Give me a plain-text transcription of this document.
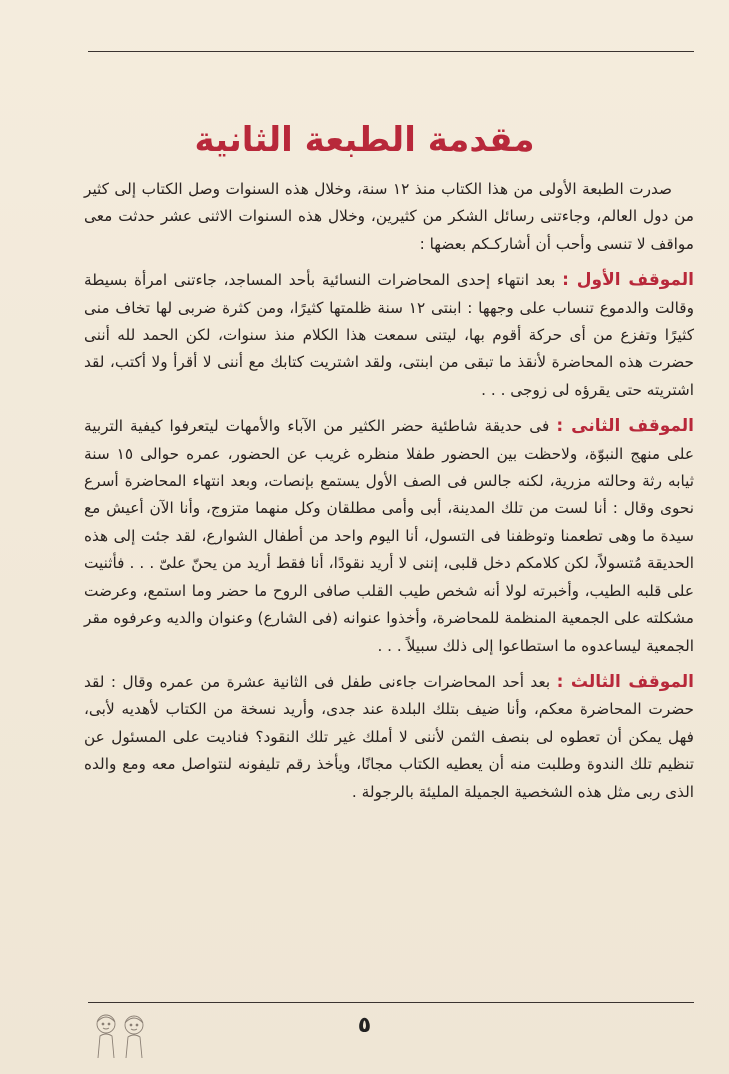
مقدمة الطبعة الثانية

صدرت الطبعة الأولى من هذا الكتاب منذ ١٢ سنة، وخلال هذه السنوات وصل الكتاب إلى كثير من دول العالم، وجاءتنى رسائل الشكر من كثيرين، وخلال هذه السنوات الاثنى عشر حدثت معى مواقف لا تنسى وأحب أن أشاركـكم بعضها :

الموقف الأول : بعد انتهاء إحدى المحاضرات النسائية بأحد المساجد، جاءتنى امرأة بسيطة وقالت والدموع تنساب على وجهها : ابنتى ١٢ سنة ظلمتها كثيرًا، ومن كثرة ضربى لها تخاف منى كثيرًا وتفزع من أى حركة أقوم بها، ليتنى سمعت هذا الكلام منذ سنوات، لكن الحمد لله أننى حضرت هذه المحاضرة لأنقذ ما تبقى من ابنتى، ولقد اشتريت كتابك مع أننى لا أقرأ ولا أكتب، لقد اشتريته حتى يقرؤه لى زوجى . . .

الموقف الثانى : فى حديقة شاطئية حضر الكثير من الآباء والأمهات ليتعرفوا كيفية التربية على منهج النبوّة، ولاحظت بين الحضور طفلا منظره غريب عن الحضور، عمره حوالى ١٥ سنة ثيابه رثة وحالته مزرية، لكنه جالس فى الصف الأول يستمع بإنصات، وبعد انتهاء المحاضرة أسرع نحوى وقال : أنا لست من تلك المدينة، أبى وأمى مطلقان وكل منهما متزوج، وأنا الآن أعيش مع سيدة ما وهى تطعمنا وتوظفنا فى التسول، أنا اليوم واحد من أطفال الشوارع، لقد جئت إلى هذه الحديقة مُتسولاً، لكن كلامكم دخل قلبى، إننى لا أريد نقودًا، أنا فقط أريد من يحنّ علىّ . . . فأثنيت على قلبه الطيب، وأخبرته لولا أنه شخص طيب القلب صافى الروح ما حضر وما استمع، وعرضت مشكلته على الجمعية المنظمة للمحاضرة، وأخذوا عنوانه (فى الشارع) وعنوان والديه وعرفوه مقر الجمعية ليساعدوه ما استطاعوا إلى ذلك سبيلاً . . .

الموقف الثالث : بعد أحد المحاضرات جاءنى طفل فى الثانية عشرة من عمره وقال : لقد حضرت المحاضرة معكم، وأنا ضيف بتلك البلدة عند جدى، وأريد نسخة من الكتاب لأهديه لأبى، فهل يمكن أن تعطوه لى بنصف الثمن لأننى لا أملك غير تلك النقود؟ فناديت على المسئول عن تنظيم تلك الندوة وطلبت منه أن يعطيه الكتاب مجانًا، ويأخذ رقم تليفونه لنتواصل معه ومع والده الذى ربى مثل هذه الشخصية الجميلة المليئة بالرجولة .

٥
